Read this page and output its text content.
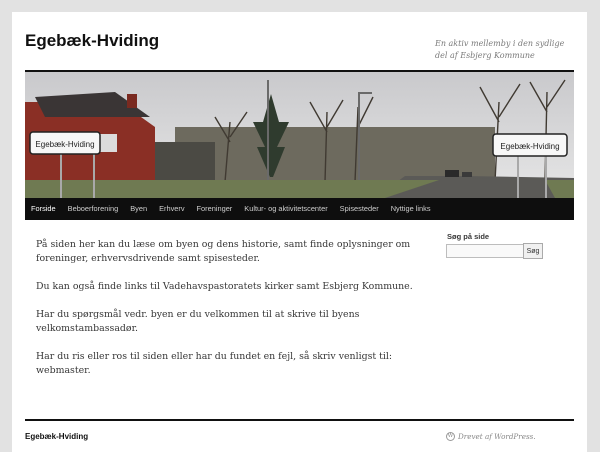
Egebæk-Hviding	En aktiv mellemby i den sydlige del af Esbjerg Kommune
Egebæk-Hviding	Egebæk-Hviding
Forside	Beboerforening	Byen	Erhverv	Foreninger	Kultur- og aktivitetscenter	Spisesteder	Nyttige links

På siden her kan du læse om byen og dens historie, samt finde oplysninger om foreninger, erhvervsdrivende samt spisesteder.

Du kan også finde links til Vadehavspastoratets kirker samt Esbjerg Kommune.

Har du spørgsmål vedr. byen er du velkommen til at skrive til byens velkomstambassadør.

Har du ris eller ros til siden eller har du fundet en fejl, så skriv venligst til: webmaster.

Søg på side
Søg
Egebæk-Hviding	W Drevet af WordPress.
